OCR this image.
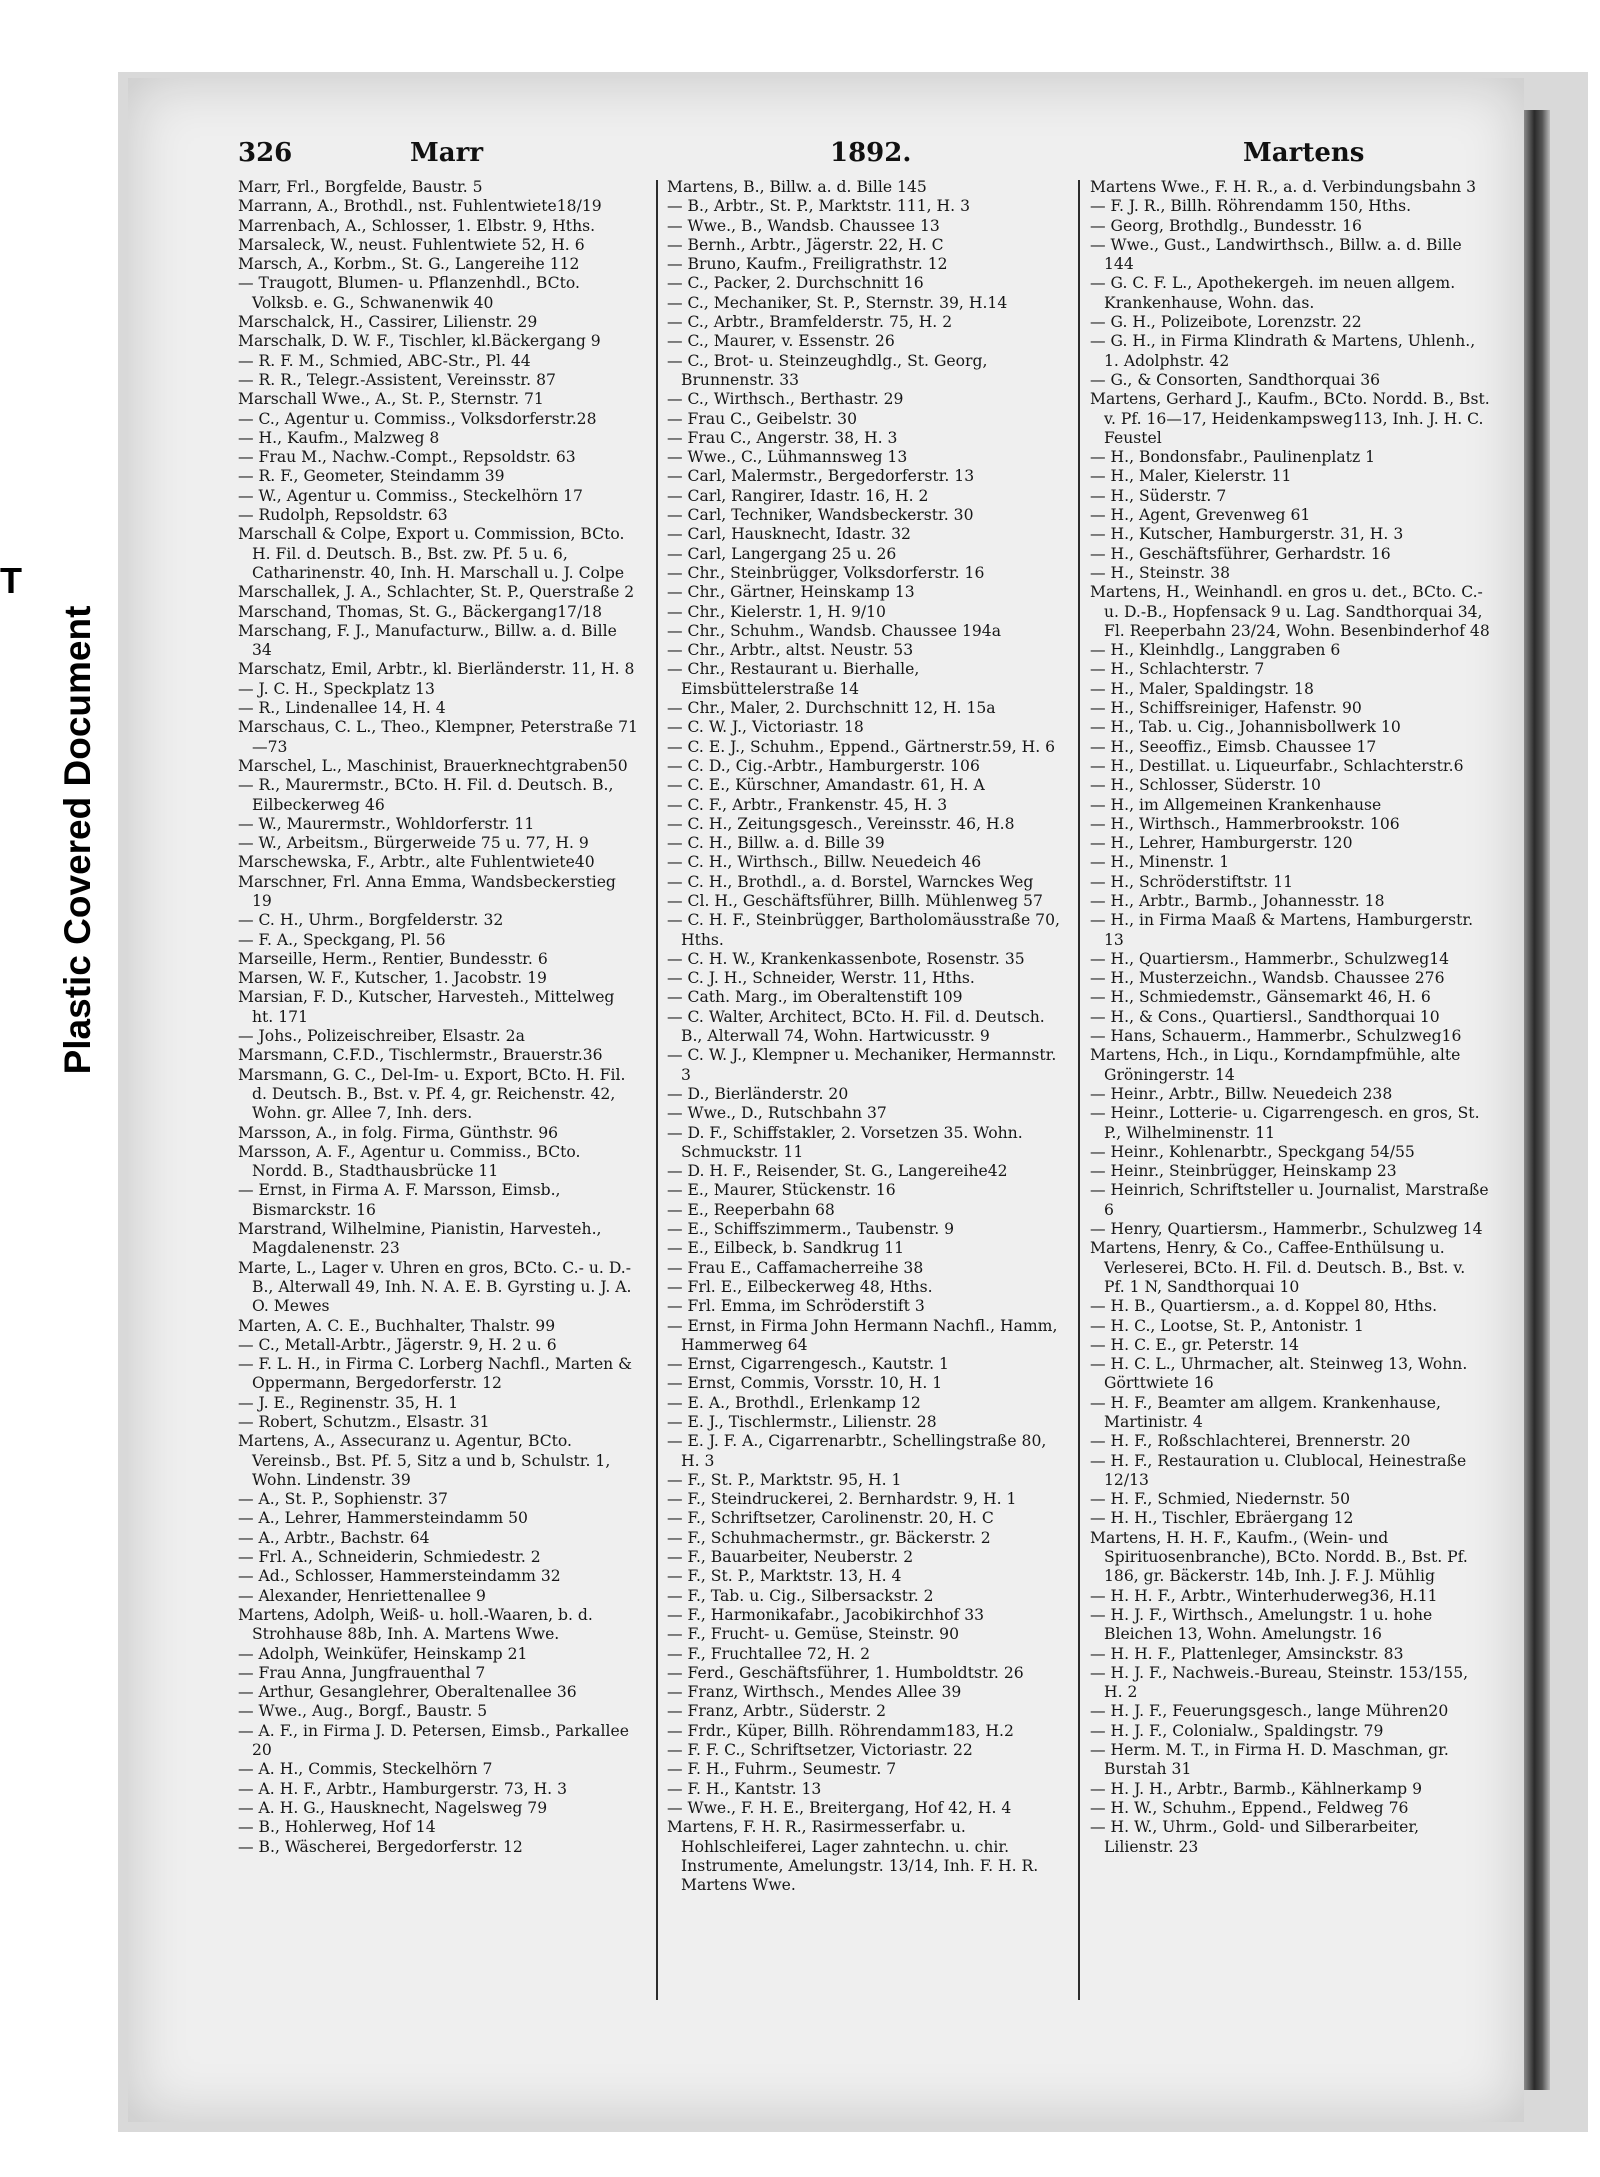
T
Plastic Covered Document
326	Marr	1892.	Martens

Marr, Frl., Borgfelde, Baustr. 5

Marrann, A., Brothdl., nst. Fuhlentwiete18/19

Marrenbach, A., Schlosser, 1. Elbstr. 9, Hths.

Marsaleck, W., neust. Fuhlentwiete 52, H. 6

Marsch, A., Korbm., St. G., Langereihe 112

— Traugott, Blumen- u. Pflanzenhdl., BCto. Volksb. e. G., Schwanenwik 40

Marschalck, H., Cassirer, Lilienstr. 29

Marschalk, D. W. F., Tischler, kl.Bäckergang 9

— R. F. M., Schmied, ABC-Str., Pl. 44

— R. R., Telegr.-Assistent, Vereinsstr. 87

Marschall Wwe., A., St. P., Sternstr. 71

— C., Agentur u. Commiss., Volksdorferstr.28

— H., Kaufm., Malzweg 8

— Frau M., Nachw.-Compt., Repsoldstr. 63

— R. F., Geometer, Steindamm 39

— W., Agentur u. Commiss., Steckelhörn 17

— Rudolph, Repsoldstr. 63

Marschall & Colpe, Export u. Commission, BCto. H. Fil. d. Deutsch. B., Bst. zw. Pf. 5 u. 6, Catharinenstr. 40, Inh. H. Marschall u. J. Colpe

Marschallek, J. A., Schlachter, St. P., Querstraße 2

Marschand, Thomas, St. G., Bäckergang17/18

Marschang, F. J., Manufacturw., Billw. a. d. Bille 34

Marschatz, Emil, Arbtr., kl. Bierländerstr. 11, H. 8

— J. C. H., Speckplatz 13

— R., Lindenallee 14, H. 4

Marschaus, C. L., Theo., Klempner, Peterstraße 71—73

Marschel, L., Maschinist, Brauerknechtgraben50

— R., Maurermstr., BCto. H. Fil. d. Deutsch. B., Eilbeckerweg 46

— W., Maurermstr., Wohldorferstr. 11

— W., Arbeitsm., Bürgerweide 75 u. 77, H. 9

Marschewska, F., Arbtr., alte Fuhlentwiete40

Marschner, Frl. Anna Emma, Wandsbeckerstieg 19

— C. H., Uhrm., Borgfelderstr. 32

— F. A., Speckgang, Pl. 56

Marseille, Herm., Rentier, Bundesstr. 6

Marsen, W. F., Kutscher, 1. Jacobstr. 19

Marsian, F. D., Kutscher, Harvesteh., Mittelweg ht. 171

— Johs., Polizeischreiber, Elsastr. 2a

Marsmann, C.F.D., Tischlermstr., Brauerstr.36

Marsmann, G. C., Del-Im- u. Export, BCto. H. Fil. d. Deutsch. B., Bst. v. Pf. 4, gr. Reichenstr. 42, Wohn. gr. Allee 7, Inh. ders.

Marsson, A., in folg. Firma, Günthstr. 96

Marsson, A. F., Agentur u. Commiss., BCto. Nordd. B., Stadthausbrücke 11

— Ernst, in Firma A. F. Marsson, Eimsb., Bismarckstr. 16

Marstrand, Wilhelmine, Pianistin, Harvesteh., Magdalenenstr. 23

Marte, L., Lager v. Uhren en gros, BCto. C.- u. D.-B., Alterwall 49, Inh. N. A. E. B. Gyrsting u. J. A. O. Mewes

Marten, A. C. E., Buchhalter, Thalstr. 99

— C., Metall-Arbtr., Jägerstr. 9, H. 2 u. 6

— F. L. H., in Firma C. Lorberg Nachfl., Marten & Oppermann, Bergedorferstr. 12

— J. E., Reginenstr. 35, H. 1

— Robert, Schutzm., Elsastr. 31

Martens, A., Assecuranz u. Agentur, BCto. Vereinsb., Bst. Pf. 5, Sitz a und b, Schulstr. 1, Wohn. Lindenstr. 39

— A., St. P., Sophienstr. 37

— A., Lehrer, Hammersteindamm 50

— A., Arbtr., Bachstr. 64

— Frl. A., Schneiderin, Schmiedestr. 2

— Ad., Schlosser, Hammersteindamm 32

— Alexander, Henriettenallee 9

Martens, Adolph, Weiß- u. holl.-Waaren, b. d. Strohhause 88b, Inh. A. Martens Wwe.

— Adolph, Weinküfer, Heinskamp 21

— Frau Anna, Jungfrauenthal 7

— Arthur, Gesanglehrer, Oberaltenallee 36

— Wwe., Aug., Borgf., Baustr. 5

— A. F., in Firma J. D. Petersen, Eimsb., Parkallee 20

— A. H., Commis, Steckelhörn 7

— A. H. F., Arbtr., Hamburgerstr. 73, H. 3

— A. H. G., Hausknecht, Nagelsweg 79

— B., Hohlerweg, Hof 14

— B., Wäscherei, Bergedorferstr. 12

Martens, B., Billw. a. d. Bille 145

— B., Arbtr., St. P., Marktstr. 111, H. 3

— Wwe., B., Wandsb. Chaussee 13

— Bernh., Arbtr., Jägerstr. 22, H. C

— Bruno, Kaufm., Freiligrathstr. 12

— C., Packer, 2. Durchschnitt 16

— C., Mechaniker, St. P., Sternstr. 39, H.14

— C., Arbtr., Bramfelderstr. 75, H. 2

— C., Maurer, v. Essenstr. 26

— C., Brot- u. Steinzeughdlg., St. Georg, Brunnenstr. 33

— C., Wirthsch., Berthastr. 29

— Frau C., Geibelstr. 30

— Frau C., Angerstr. 38, H. 3

— Wwe., C., Lühmannsweg 13

— Carl, Malermstr., Bergedorferstr. 13

— Carl, Rangirer, Idastr. 16, H. 2

— Carl, Techniker, Wandsbeckerstr. 30

— Carl, Hausknecht, Idastr. 32

— Carl, Langergang 25 u. 26

— Chr., Steinbrügger, Volksdorferstr. 16

— Chr., Gärtner, Heinskamp 13

— Chr., Kielerstr. 1, H. 9/10

— Chr., Schuhm., Wandsb. Chaussee 194a

— Chr., Arbtr., altst. Neustr. 53

— Chr., Restaurant u. Bierhalle, Eimsbüttelerstraße 14

— Chr., Maler, 2. Durchschnitt 12, H. 15a

— C. W. J., Victoriastr. 18

— C. E. J., Schuhm., Eppend., Gärtnerstr.59, H. 6

— C. D., Cig.-Arbtr., Hamburgerstr. 106

— C. E., Kürschner, Amandastr. 61, H. A

— C. F., Arbtr., Frankenstr. 45, H. 3

— C. H., Zeitungsgesch., Vereinsstr. 46, H.8

— C. H., Billw. a. d. Bille 39

— C. H., Wirthsch., Billw. Neuedeich 46

— C. H., Brothdl., a. d. Borstel, Warnckes Weg

— Cl. H., Geschäftsführer, Billh. Mühlenweg 57

— C. H. F., Steinbrügger, Bartholomäusstraße 70, Hths.

— C. H. W., Krankenkassenbote, Rosenstr. 35

— C. J. H., Schneider, Werstr. 11, Hths.

— Cath. Marg., im Oberaltenstift 109

— C. Walter, Architect, BCto. H. Fil. d. Deutsch. B., Alterwall 74, Wohn. Hartwicusstr. 9

— C. W. J., Klempner u. Mechaniker, Hermannstr. 3

— D., Bierländerstr. 20

— Wwe., D., Rutschbahn 37

— D. F., Schiffstakler, 2. Vorsetzen 35. Wohn. Schmuckstr. 11

— D. H. F., Reisender, St. G., Langereihe42

— E., Maurer, Stückenstr. 16

— E., Reeperbahn 68

— E., Schiffszimmerm., Taubenstr. 9

— E., Eilbeck, b. Sandkrug 11

— Frau E., Caffamacherreihe 38

— Frl. E., Eilbeckerweg 48, Hths.

— Frl. Emma, im Schröderstift 3

— Ernst, in Firma John Hermann Nachfl., Hamm, Hammerweg 64

— Ernst, Cigarrengesch., Kautstr. 1

— Ernst, Commis, Vorsstr. 10, H. 1

— E. A., Brothdl., Erlenkamp 12

— E. J., Tischlermstr., Lilienstr. 28

— E. J. F. A., Cigarrenarbtr., Schellingstraße 80, H. 3

— F., St. P., Marktstr. 95, H. 1

— F., Steindruckerei, 2. Bernhardstr. 9, H. 1

— F., Schriftsetzer, Carolinenstr. 20, H. C

— F., Schuhmachermstr., gr. Bäckerstr. 2

— F., Bauarbeiter, Neuberstr. 2

— F., St. P., Marktstr. 13, H. 4

— F., Tab. u. Cig., Silbersackstr. 2

— F., Harmonikafabr., Jacobikirchhof 33

— F., Frucht- u. Gemüse, Steinstr. 90

— F., Fruchtallee 72, H. 2

— Ferd., Geschäftsführer, 1. Humboldtstr. 26

— Franz, Wirthsch., Mendes Allee 39

— Franz, Arbtr., Süderstr. 2

— Frdr., Küper, Billh. Röhrendamm183, H.2

— F. F. C., Schriftsetzer, Victoriastr. 22

— F. H., Fuhrm., Seumestr. 7

— F. H., Kantstr. 13

— Wwe., F. H. E., Breitergang, Hof 42, H. 4

Martens, F. H. R., Rasirmesserfabr. u. Hohlschleiferei, Lager zahntechn. u. chir. Instrumente, Amelungstr. 13/14, Inh. F. H. R. Martens Wwe.

Martens Wwe., F. H. R., a. d. Verbindungsbahn 3

— F. J. R., Billh. Röhrendamm 150, Hths.

— Georg, Brothdlg., Bundesstr. 16

— Wwe., Gust., Landwirthsch., Billw. a. d. Bille 144

— G. C. F. L., Apothekergeh. im neuen allgem. Krankenhause, Wohn. das.

— G. H., Polizeibote, Lorenzstr. 22

— G. H., in Firma Klindrath & Martens, Uhlenh., 1. Adolphstr. 42

— G., & Consorten, Sandthorquai 36

Martens, Gerhard J., Kaufm., BCto. Nordd. B., Bst. v. Pf. 16—17, Heidenkampsweg113, Inh. J. H. C. Feustel

— H., Bondonsfabr., Paulinenplatz 1

— H., Maler, Kielerstr. 11

— H., Süderstr. 7

— H., Agent, Grevenweg 61

— H., Kutscher, Hamburgerstr. 31, H. 3

— H., Geschäftsführer, Gerhardstr. 16

— H., Steinstr. 38

Martens, H., Weinhandl. en gros u. det., BCto. C.- u. D.-B., Hopfensack 9 u. Lag. Sandthorquai 34, Fl. Reeperbahn 23/24, Wohn. Besenbinderhof 48

— H., Kleinhdlg., Langgraben 6

— H., Schlachterstr. 7

— H., Maler, Spaldingstr. 18

— H., Schiffsreiniger, Hafenstr. 90

— H., Tab. u. Cig., Johannisbollwerk 10

— H., Seeoffiz., Eimsb. Chaussee 17

— H., Destillat. u. Liqueurfabr., Schlachterstr.6

— H., Schlosser, Süderstr. 10

— H., im Allgemeinen Krankenhause

— H., Wirthsch., Hammerbrookstr. 106

— H., Lehrer, Hamburgerstr. 120

— H., Minenstr. 1

— H., Schröderstiftstr. 11

— H., Arbtr., Barmb., Johannesstr. 18

— H., in Firma Maaß & Martens, Hamburgerstr. 13

— H., Quartiersm., Hammerbr., Schulzweg14

— H., Musterzeichn., Wandsb. Chaussee 276

— H., Schmiedemstr., Gänsemarkt 46, H. 6

— H., & Cons., Quartiersl., Sandthorquai 10

— Hans, Schauerm., Hammerbr., Schulzweg16

Martens, Hch., in Liqu., Korndampfmühle, alte Gröningerstr. 14

— Heinr., Arbtr., Billw. Neuedeich 238

— Heinr., Lotterie- u. Cigarrengesch. en gros, St. P., Wilhelminenstr. 11

— Heinr., Kohlenarbtr., Speckgang 54/55

— Heinr., Steinbrügger, Heinskamp 23

— Heinrich, Schriftsteller u. Journalist, Marstraße 6

— Henry, Quartiersm., Hammerbr., Schulzweg 14

Martens, Henry, & Co., Caffee-Enthülsung u. Verleserei, BCto. H. Fil. d. Deutsch. B., Bst. v. Pf. 1 N, Sandthorquai 10

— H. B., Quartiersm., a. d. Koppel 80, Hths.

— H. C., Lootse, St. P., Antonistr. 1

— H. C. E., gr. Peterstr. 14

— H. C. L., Uhrmacher, alt. Steinweg 13, Wohn. Görttwiete 16

— H. F., Beamter am allgem. Krankenhause, Martinistr. 4

— H. F., Roßschlachterei, Brennerstr. 20

— H. F., Restauration u. Clublocal, Heinestraße 12/13

— H. F., Schmied, Niedernstr. 50

— H. H., Tischler, Ebräergang 12

Martens, H. H. F., Kaufm., (Wein- und Spirituosenbranche), BCto. Nordd. B., Bst. Pf. 186, gr. Bäckerstr. 14b, Inh. J. F. J. Mühlig

— H. H. F., Arbtr., Winterhuderweg36, H.11

— H. J. F., Wirthsch., Amelungstr. 1 u. hohe Bleichen 13, Wohn. Amelungstr. 16

— H. H. F., Plattenleger, Amsinckstr. 83

— H. J. F., Nachweis.-Bureau, Steinstr. 153/155, H. 2

— H. J. F., Feuerungsgesch., lange Mühren20

— H. J. F., Colonialw., Spaldingstr. 79

— Herm. M. T., in Firma H. D. Maschman, gr. Burstah 31

— H. J. H., Arbtr., Barmb., Kählnerkamp 9

— H. W., Schuhm., Eppend., Feldweg 76

— H. W., Uhrm., Gold- und Silberarbeiter, Lilienstr. 23
